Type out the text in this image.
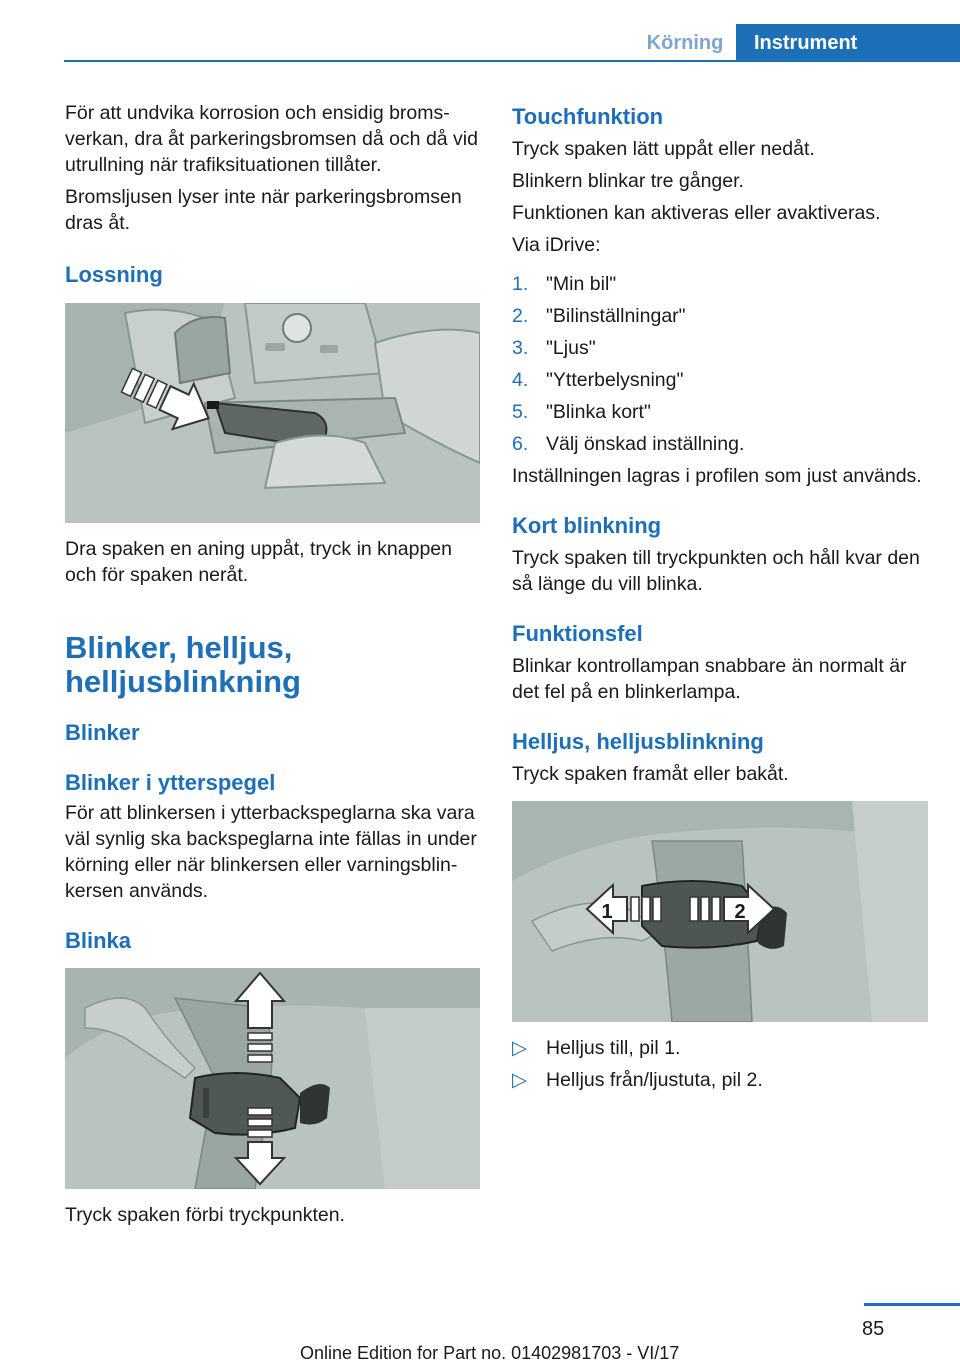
Körning	Instrument

För att undvika korrosion och ensidig bromsverkan, dra åt parkeringsbromsen då och då vid utrullning när trafiksituationen tillåter.

Bromsljusen lyser inte när parkeringsbromsen dras åt.

Lossning
Dra spaken en aning uppåt, tryck in knappen och för spaken neråt.
Blinker, helljus, helljusblinkning
Blinker
Blinker i ytterspegel
För att blinkersen i ytterbackspeglarna ska vara väl synlig ska backspeglarna inte fällas in under körning eller när blinkersen eller varningsblinkersen används.
Blinka
Tryck spaken förbi tryckpunkten.
Touchfunktion

Tryck spaken lätt uppåt eller nedåt.

Blinkern blinkar tre gånger.

Funktionen kan aktiveras eller avaktiveras.

Via iDrive:

1. "Min bil"
2. "Bilinställningar"
3. "Ljus"
4. "Ytterbelysning"
5. "Blinka kort"
6. Välj önskad inställning.
Inställningen lagras i profilen som just används.
Kort blinkning
Tryck spaken till tryckpunkten och håll kvar den så länge du vill blinka.
Funktionsfel
Blinkar kontrollampan snabbare än normalt är det fel på en blinkerlampa.
Helljus, helljusblinkning
Tryck spaken framåt eller bakåt.
1	2
▷ Helljus till, pil 1.
▷ Helljus från/ljustuta, pil 2.
85
Online Edition for Part no. 01402981703 - VI/17
